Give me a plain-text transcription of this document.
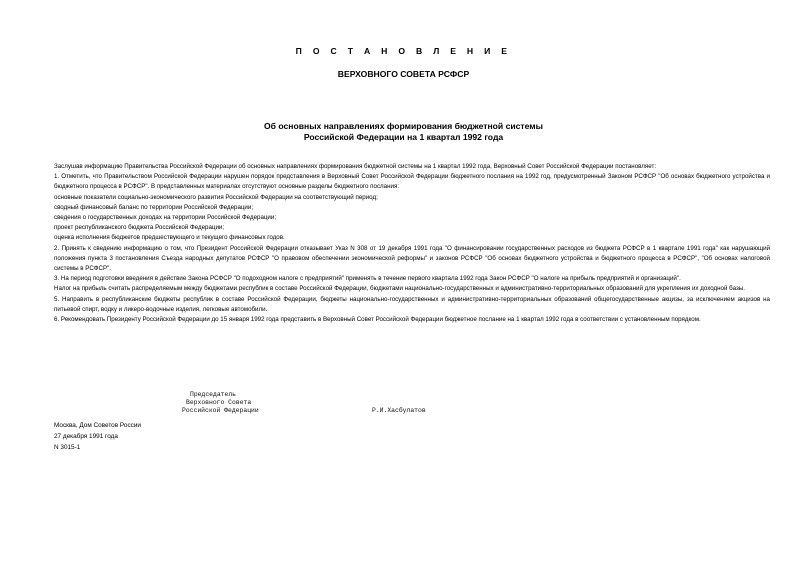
П О С Т А Н О В Л Е Н И Е
ВЕРХОВНОГО СОВЕТА РСФСР
Об основных направлениях формирования бюджетной системы
Российской Федерации на 1 квартал 1992 года

Заслушав информацию Правительства Российской Федерации об основных направлениях формирования бюджетной системы на 1 квартал 1992 года, Верховный Совет Российской Федерации постановляет:

1. Отметить, что Правительством Российской Федерации нарушен порядок представления в Верховный Совет Российской Федерации бюджетного послания на 1992 год, предусмотренный Законом РСФСР "Об основах бюджетного устройства и бюджетного процесса в РСФСР". В представленных материалах отсутствуют основные разделы бюджетного послания:

основные показатели социально-экономического развития Российской Федерации на соответствующий период;

сводный финансовый баланс по территории Российской Федерации;

сведения о государственных доходах на территории Российской Федерации;

проект республиканского бюджета Российской Федерации;

оценка исполнения бюджетов предшествующего и текущего финансовых годов.

2. Принять к сведению информацию о том, что Президент Российской Федерации отказывает Указ N 308 от 19 декабря 1991 года "О финансировании государственных расходов из бюджета РСФСР в 1 квартале 1991 года" как нарушающий положения пункта 3 постановления Съезда народных депутатов РСФСР "О правовом обеспечении экономической реформы" и законов РСФСР "Об основах бюджетного устройства и бюджетного процесса в РСФСР", "Об основах налоговой системы в РСФСР".

3. На период подготовки введения в действие Закона РСФСР "О подоходном налоге с предприятий" применять в течение первого квартала 1992 года Закон РСФСР "О налоге на прибыль предприятий и организаций".

Налог на прибыль считать распределяемым между бюджетами республик в составе Российской Федерации, бюджетами национально-государственных и административно-территориальных образований для укрепления их доходной базы.

5. Направить в республиканские бюджеты республик в составе Российской Федерации, бюджеты национально-государственных и административно-территориальных образований общегосударственные акцизы, за исключением акцизов на питьевой спирт, водку и ликеро-водочные изделия, легковые автомобили.

6. Рекомендовать Президенту Российской Федерации до 15 января 1992 года представить в Верховный Совет Российской Федерации бюджетное послание на 1 квартал 1992 года в соответствии с установленным порядком.

Председатель
Верховного Совета
Российской Федерации	Р.И.Хасбулатов
Москва, Дом Советов России
27 декабря 1991 года
N 3015-1
